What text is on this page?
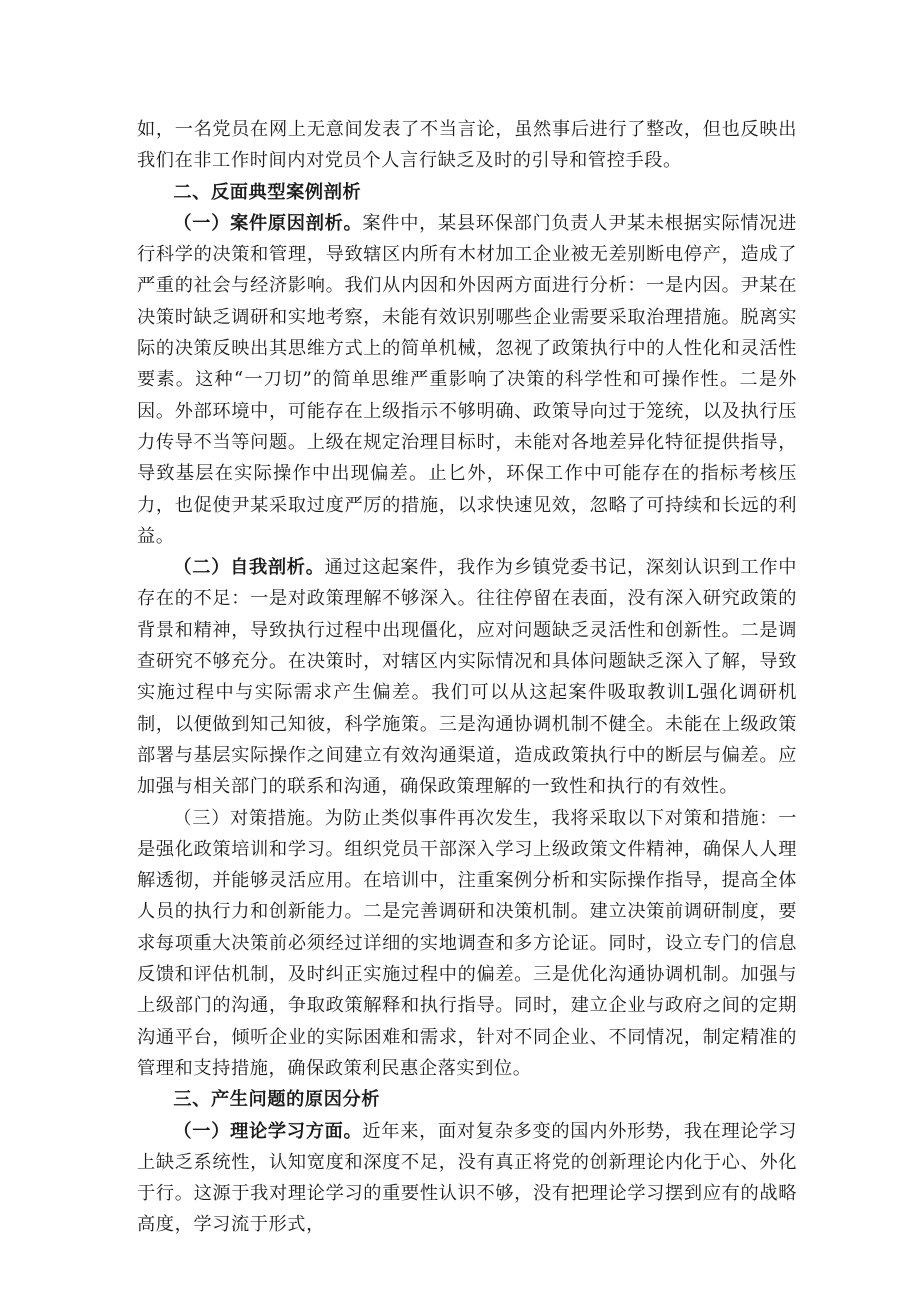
如，一名党员在网上无意间发表了不当言论，虽然事后进行了整改，但也反映出我们在非工作时间内对党员个人言行缺乏及时的引导和管控手段。

二、反面典型案例剖析

（一）案件原因剖析。案件中，某县环保部门负责人尹某未根据实际情况进行科学的决策和管理，导致辖区内所有木材加工企业被无差别断电停产，造成了严重的社会与经济影响。我们从内因和外因两方面进行分析：一是内因。尹某在决策时缺乏调研和实地考察，未能有效识别哪些企业需要采取治理措施。脱离实际的决策反映出其思维方式上的简单机械，忽视了政策执行中的人性化和灵活性要素。这种“一刀切”的简单思维严重影响了决策的科学性和可操作性。二是外因。外部环境中，可能存在上级指示不够明确、政策导向过于笼统，以及执行压力传导不当等问题。上级在规定治理目标时，未能对各地差异化特征提供指导，导致基层在实际操作中出现偏差。止匕外，环保工作中可能存在的指标考核压力，也促使尹某采取过度严厉的措施，以求快速见效，忽略了可持续和长远的利益。

（二）自我剖析。通过这起案件，我作为乡镇党委书记，深刻认识到工作中存在的不足：一是对政策理解不够深入。往往停留在表面，没有深入研究政策的背景和精神，导致执行过程中出现僵化，应对问题缺乏灵活性和创新性。二是调查研究不够充分。在决策时，对辖区内实际情况和具体问题缺乏深入了解，导致实施过程中与实际需求产生偏差。我们可以从这起案件吸取教训L强化调研机制，以便做到知己知彼，科学施策。三是沟通协调机制不健全。未能在上级政策部署与基层实际操作之间建立有效沟通渠道，造成政策执行中的断层与偏差。应加强与相关部门的联系和沟通，确保政策理解的一致性和执行的有效性。

（三）对策措施。为防止类似事件再次发生，我将采取以下对策和措施：一是强化政策培训和学习。组织党员干部深入学习上级政策文件精神，确保人人理解透彻，并能够灵活应用。在培训中，注重案例分析和实际操作指导，提高全体人员的执行力和创新能力。二是完善调研和决策机制。建立决策前调研制度，要求每项重大决策前必须经过详细的实地调查和多方论证。同时，设立专门的信息反馈和评估机制，及时纠正实施过程中的偏差。三是优化沟通协调机制。加强与上级部门的沟通，争取政策解释和执行指导。同时，建立企业与政府之间的定期沟通平台，倾听企业的实际困难和需求，针对不同企业、不同情况，制定精准的管理和支持措施，确保政策利民惠企落实到位。

三、产生问题的原因分析

（一）理论学习方面。近年来，面对复杂多变的国内外形势，我在理论学习上缺乏系统性，认知宽度和深度不足，没有真正将党的创新理论内化于心、外化于行。这源于我对理论学习的重要性认识不够，没有把理论学习摆到应有的战略高度，学习流于形式，
